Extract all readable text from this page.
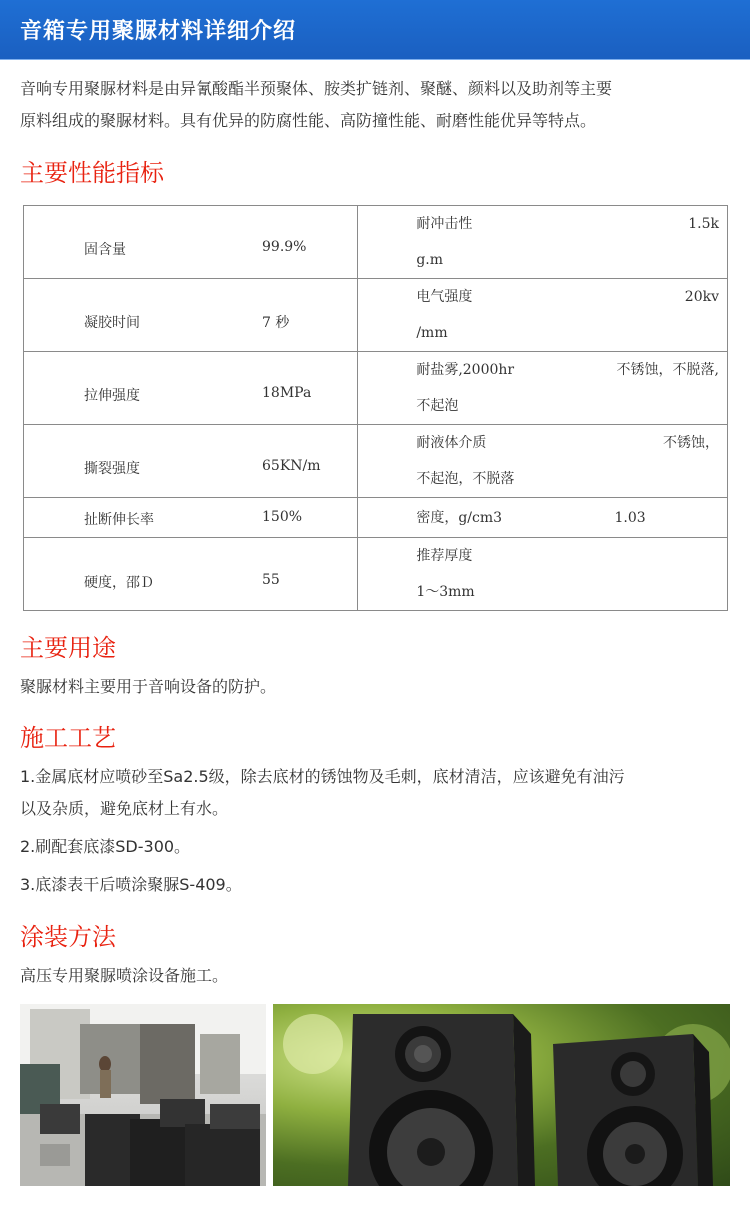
音箱专用聚脲材料详细介绍
音响专用聚脲材料是由异氰酸酯半预聚体、胺类扩链剂、聚醚、颜料以及助剂等主要
原料组成的聚脲材料。具有优异的防腐性能、高防撞性能、耐磨性能优异等特点。
主要性能指标
固含量 99.9%	耐冲击性 1.5k
g.m

凝胶时间 7 秒	电气强度 20kv
/mm

拉伸强度 18MPa	耐盐雾,2000hr 不锈蚀，不脱落,
不起泡

撕裂强度 65KN/m	耐液体介质 不锈蚀，
不起泡，不脱落

扯断伸长率 150%	密度，g/cm3 1.03

硬度，邵Ｄ 55	推荐厚度
1～3mm
主要用途
聚脲材料主要用于音响设备的防护。
施工工艺
1.金属底材应喷砂至Sa2.5级，除去底材的锈蚀物及毛刺，底材清洁，应该避免有油污
以及杂质，避免底材上有水。
2.刷配套底漆SD-300。
3.底漆表干后喷涂聚脲S-409。
涂装方法
高压专用聚脲喷涂设备施工。
